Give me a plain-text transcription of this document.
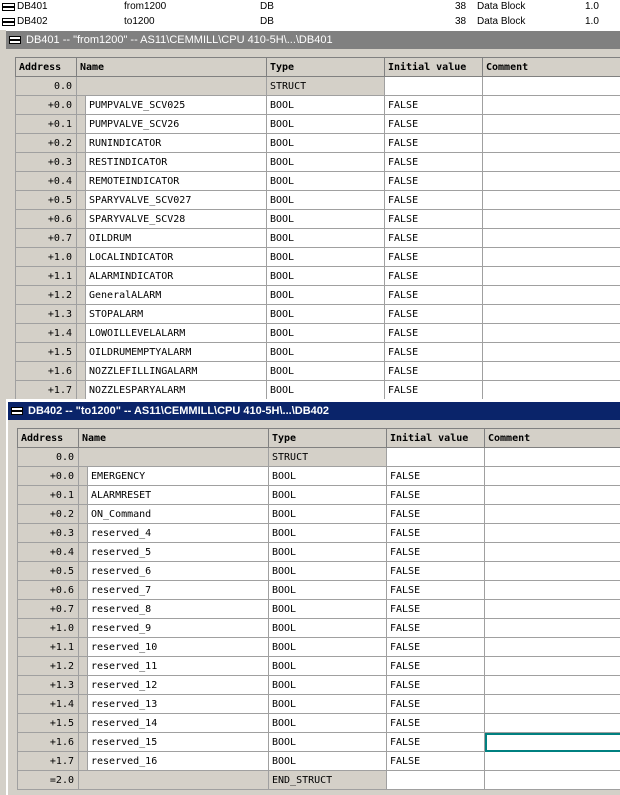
DB401	from1200	DB	38 Data Block	1.0
DB402	to1200	DB	38 Data Block	1.0
DB401 -- "from1200" -- AS11\CEMMILL\CPU 410-5H\...\DB401
Address	Name		Type	Initial value	Comment
0.0			STRUCT		
+0.0		PUMPVALVE_SCV025	BOOL	FALSE	
+0.1		PUMPVALVE_SCV26	BOOL	FALSE	
+0.2		RUNINDICATOR	BOOL	FALSE	
+0.3		RESTINDICATOR	BOOL	FALSE	
+0.4		REMOTEINDICATOR	BOOL	FALSE	
+0.5		SPARYVALVE_SCV027	BOOL	FALSE	
+0.6		SPARYVALVE_SCV28	BOOL	FALSE	
+0.7		OILDRUM	BOOL	FALSE	
+1.0		LOCALINDICATOR	BOOL	FALSE	
+1.1		ALARMINDICATOR	BOOL	FALSE	
+1.2		GeneralALARM	BOOL	FALSE	
+1.3		STOPALARM	BOOL	FALSE	
+1.4		LOWOILLEVELALARM	BOOL	FALSE	
+1.5		OILDRUMEMPTYALARM	BOOL	FALSE	
+1.6		NOZZLEFILLINGALARM	BOOL	FALSE	
+1.7		NOZZLESPARYALARM	BOOL	FALSE	
DB402 -- "to1200" -- AS11\CEMMILL\CPU 410-5H\...\DB402
Address	Name		Type	Initial value	Comment
0.0			STRUCT		
+0.0		EMERGENCY	BOOL	FALSE	
+0.1		ALARMRESET	BOOL	FALSE	
+0.2		ON_Command	BOOL	FALSE	
+0.3		reserved_4	BOOL	FALSE	
+0.4		reserved_5	BOOL	FALSE	
+0.5		reserved_6	BOOL	FALSE	
+0.6		reserved_7	BOOL	FALSE	
+0.7		reserved_8	BOOL	FALSE	
+1.0		reserved_9	BOOL	FALSE	
+1.1		reserved_10	BOOL	FALSE	
+1.2		reserved_11	BOOL	FALSE	
+1.3		reserved_12	BOOL	FALSE	
+1.4		reserved_13	BOOL	FALSE	
+1.5		reserved_14	BOOL	FALSE	
+1.6		reserved_15	BOOL	FALSE	
+1.7		reserved_16	BOOL	FALSE	
=2.0			END_STRUCT		
